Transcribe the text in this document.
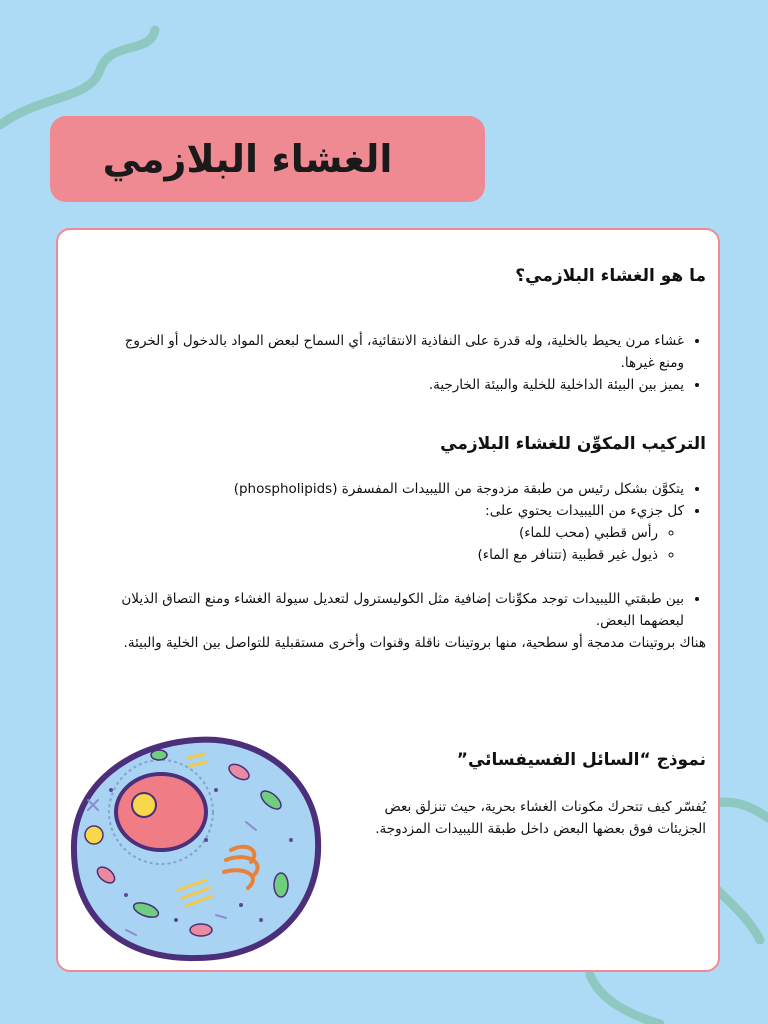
الغشاء البلازمي
ما هو الغشاء البلازمي؟
• غشاء مرن يحيط بالخلية، وله قدرة على النفاذية الانتقائية، أي السماح لبعض المواد بالدخول أو الخروج ومنع غيرها.
• يميز بين البيئة الداخلية للخلية والبيئة الخارجية.
التركيب المكوِّن للغشاء البلازمي
• يتكوَّن بشكل رئيس من طبقة مزدوجة من الليبيدات المفسفرة (phospholipids)
• كل جزيء من الليبيدات يحتوي على:
◦ رأس قطبي (محب للماء)
◦ ذيول غير قطبية (تتنافر مع الماء)
• بين طبقتي الليبيدات توجد مكوِّنات إضافية مثل الكوليسترول لتعديل سيولة الغشاء ومنع التصاق الذيلان لبعضهما البعض.

هناك بروتينات مدمجة أو سطحية، منها بروتينات ناقلة وقنوات وأخرى مستقبلية للتواصل بين الخلية والبيئة.

نموذج “السائل الفسيفسائي”

يُفسّر كيف تتحرك مكونات الغشاء بحرية، حيث تنزلق بعض الجزيئات فوق بعضها البعض داخل طبقة الليبيدات المزدوجة.
